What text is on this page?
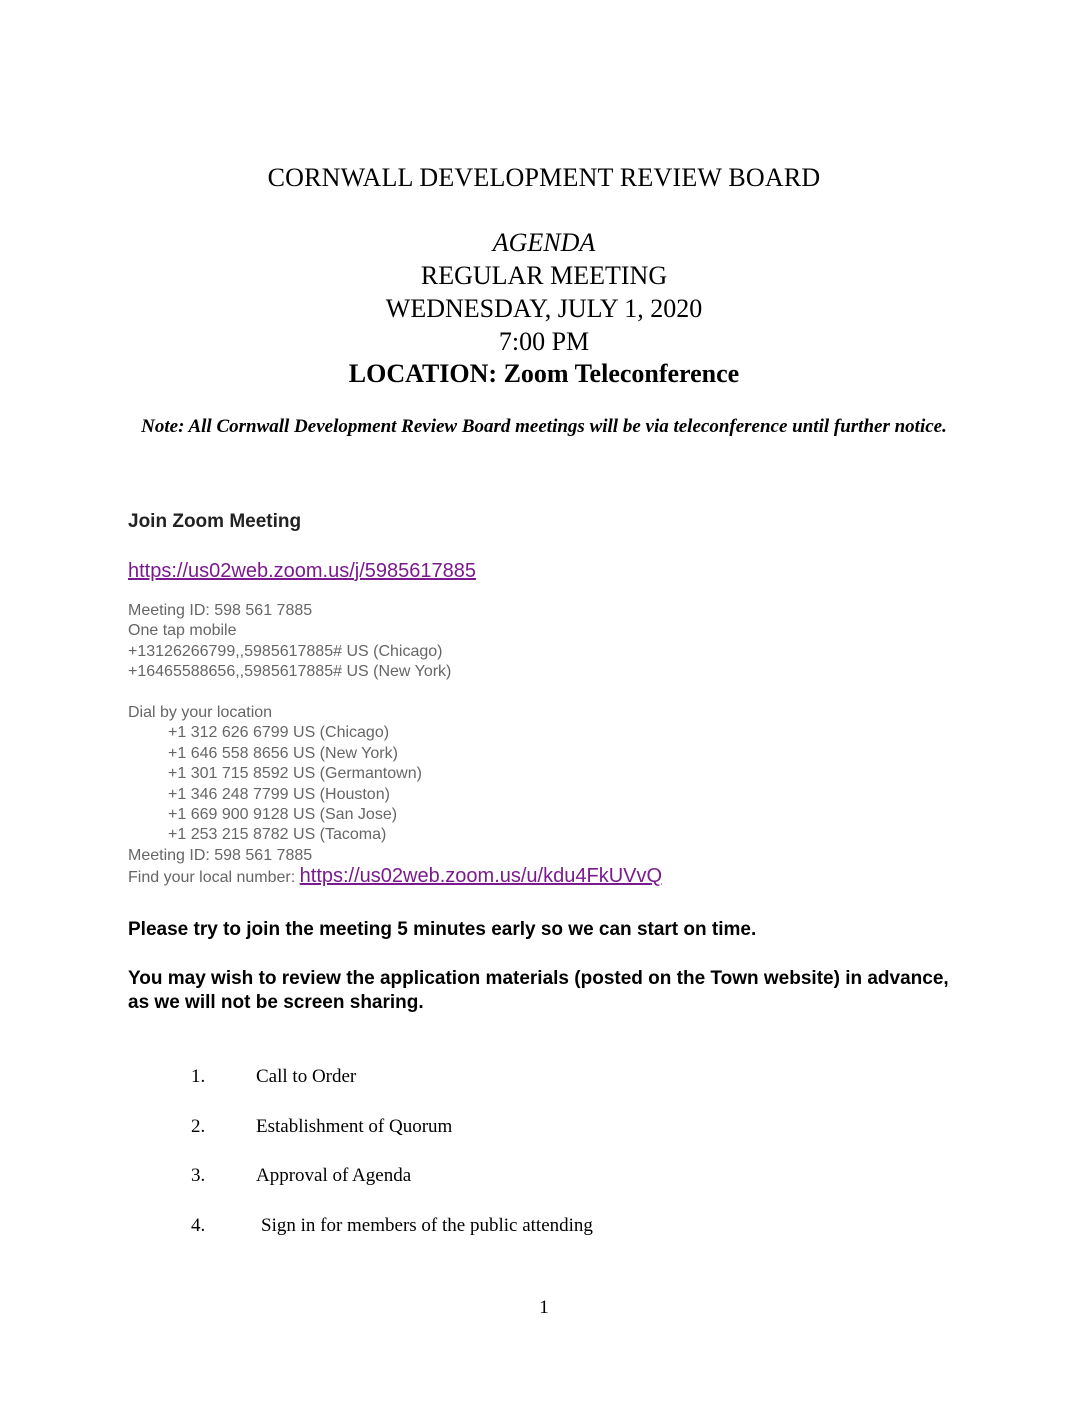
CORNWALL DEVELOPMENT REVIEW BOARD
AGENDA
REGULAR MEETING
WEDNESDAY, JULY 1, 2020
7:00 PM
LOCATION: Zoom Teleconference
Note: All Cornwall Development Review Board meetings will be via teleconference until further notice.
Join Zoom Meeting
https://us02web.zoom.us/j/5985617885
Meeting ID: 598 561 7885
One tap mobile
+13126266799,,5985617885# US (Chicago)
+16465588656,,5985617885# US (New York)
Dial by your location
+1 312 626 6799 US (Chicago)
+1 646 558 8656 US (New York)
+1 301 715 8592 US (Germantown)
+1 346 248 7799 US (Houston)
+1 669 900 9128 US (San Jose)
+1 253 215 8782 US (Tacoma)
Meeting ID: 598 561 7885
Find your local number: https://us02web.zoom.us/u/kdu4FkUVvQ
Please try to join the meeting 5 minutes early so we can start on time.
You may wish to review the application materials (posted on the Town website) in advance, as we will not be screen sharing.
1.	Call to Order
2.	Establishment of Quorum
3.	Approval of Agenda
4.	Sign in for members of the public attending
1
